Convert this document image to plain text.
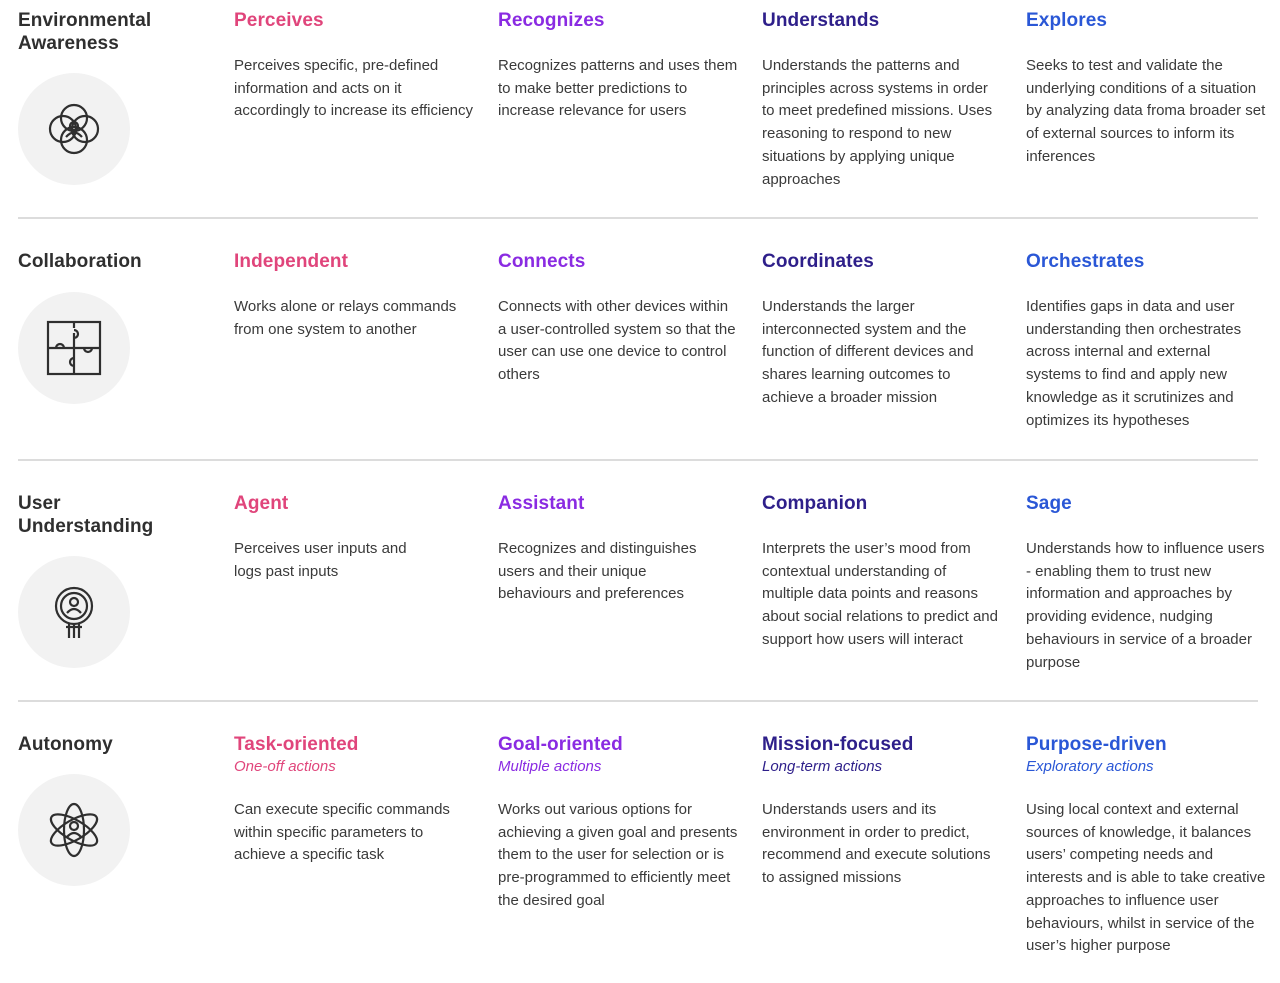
Environmental Awareness
Perceives
Perceives specific, pre-defined information and acts on it accordingly to increase its efficiency
Recognizes
Recognizes patterns and uses them to make better predictions to increase relevance for users
Understands
Understands the patterns and principles across systems in order to meet predefined missions. Uses reasoning to respond to new situations by applying unique approaches
Explores
Seeks to test and validate the underlying conditions of a situation by analyzing data froma broader set of external sources to inform its inferences
Collaboration	Independent
Works alone or relays commands from one system to another
Connects
Connects with other devices within a user-controlled system so that the user can use one device to control others
Coordinates
Understands the larger interconnected system and the function of different devices and shares learning outcomes to achieve a broader mission
Orchestrates
Identifies gaps in data and user understanding then orchestrates across internal and external systems to find and apply new knowledge as it scrutinizes and optimizes its hypotheses
User Understanding
Agent
Perceives user inputs and logs past inputs
Assistant
Recognizes and distinguishes users and their unique behaviours and preferences
Companion
Interprets the user’s mood from contextual understanding of multiple data points and reasons about social relations to predict and support how users will interact
Sage
Understands how to influence users - enabling them to trust new information and approaches by providing evidence, nudging behaviours in service of a broader purpose
Autonomy	Task-oriented
One-off actions
Can execute specific commands within specific parameters to achieve a specific task
Goal-oriented
Multiple actions
Works out various options for achieving a given goal and presents them to the user for selection or is pre-programmed to efficiently meet the desired goal
Mission-focused
Long-term actions
Understands users and its environment in order to predict, recommend and execute solutions to assigned missions
Purpose-driven
Exploratory actions
Using local context and external sources of knowledge, it balances users’ competing needs and interests and is able to take creative approaches to influence user behaviours, whilst in service of the user’s higher purpose
